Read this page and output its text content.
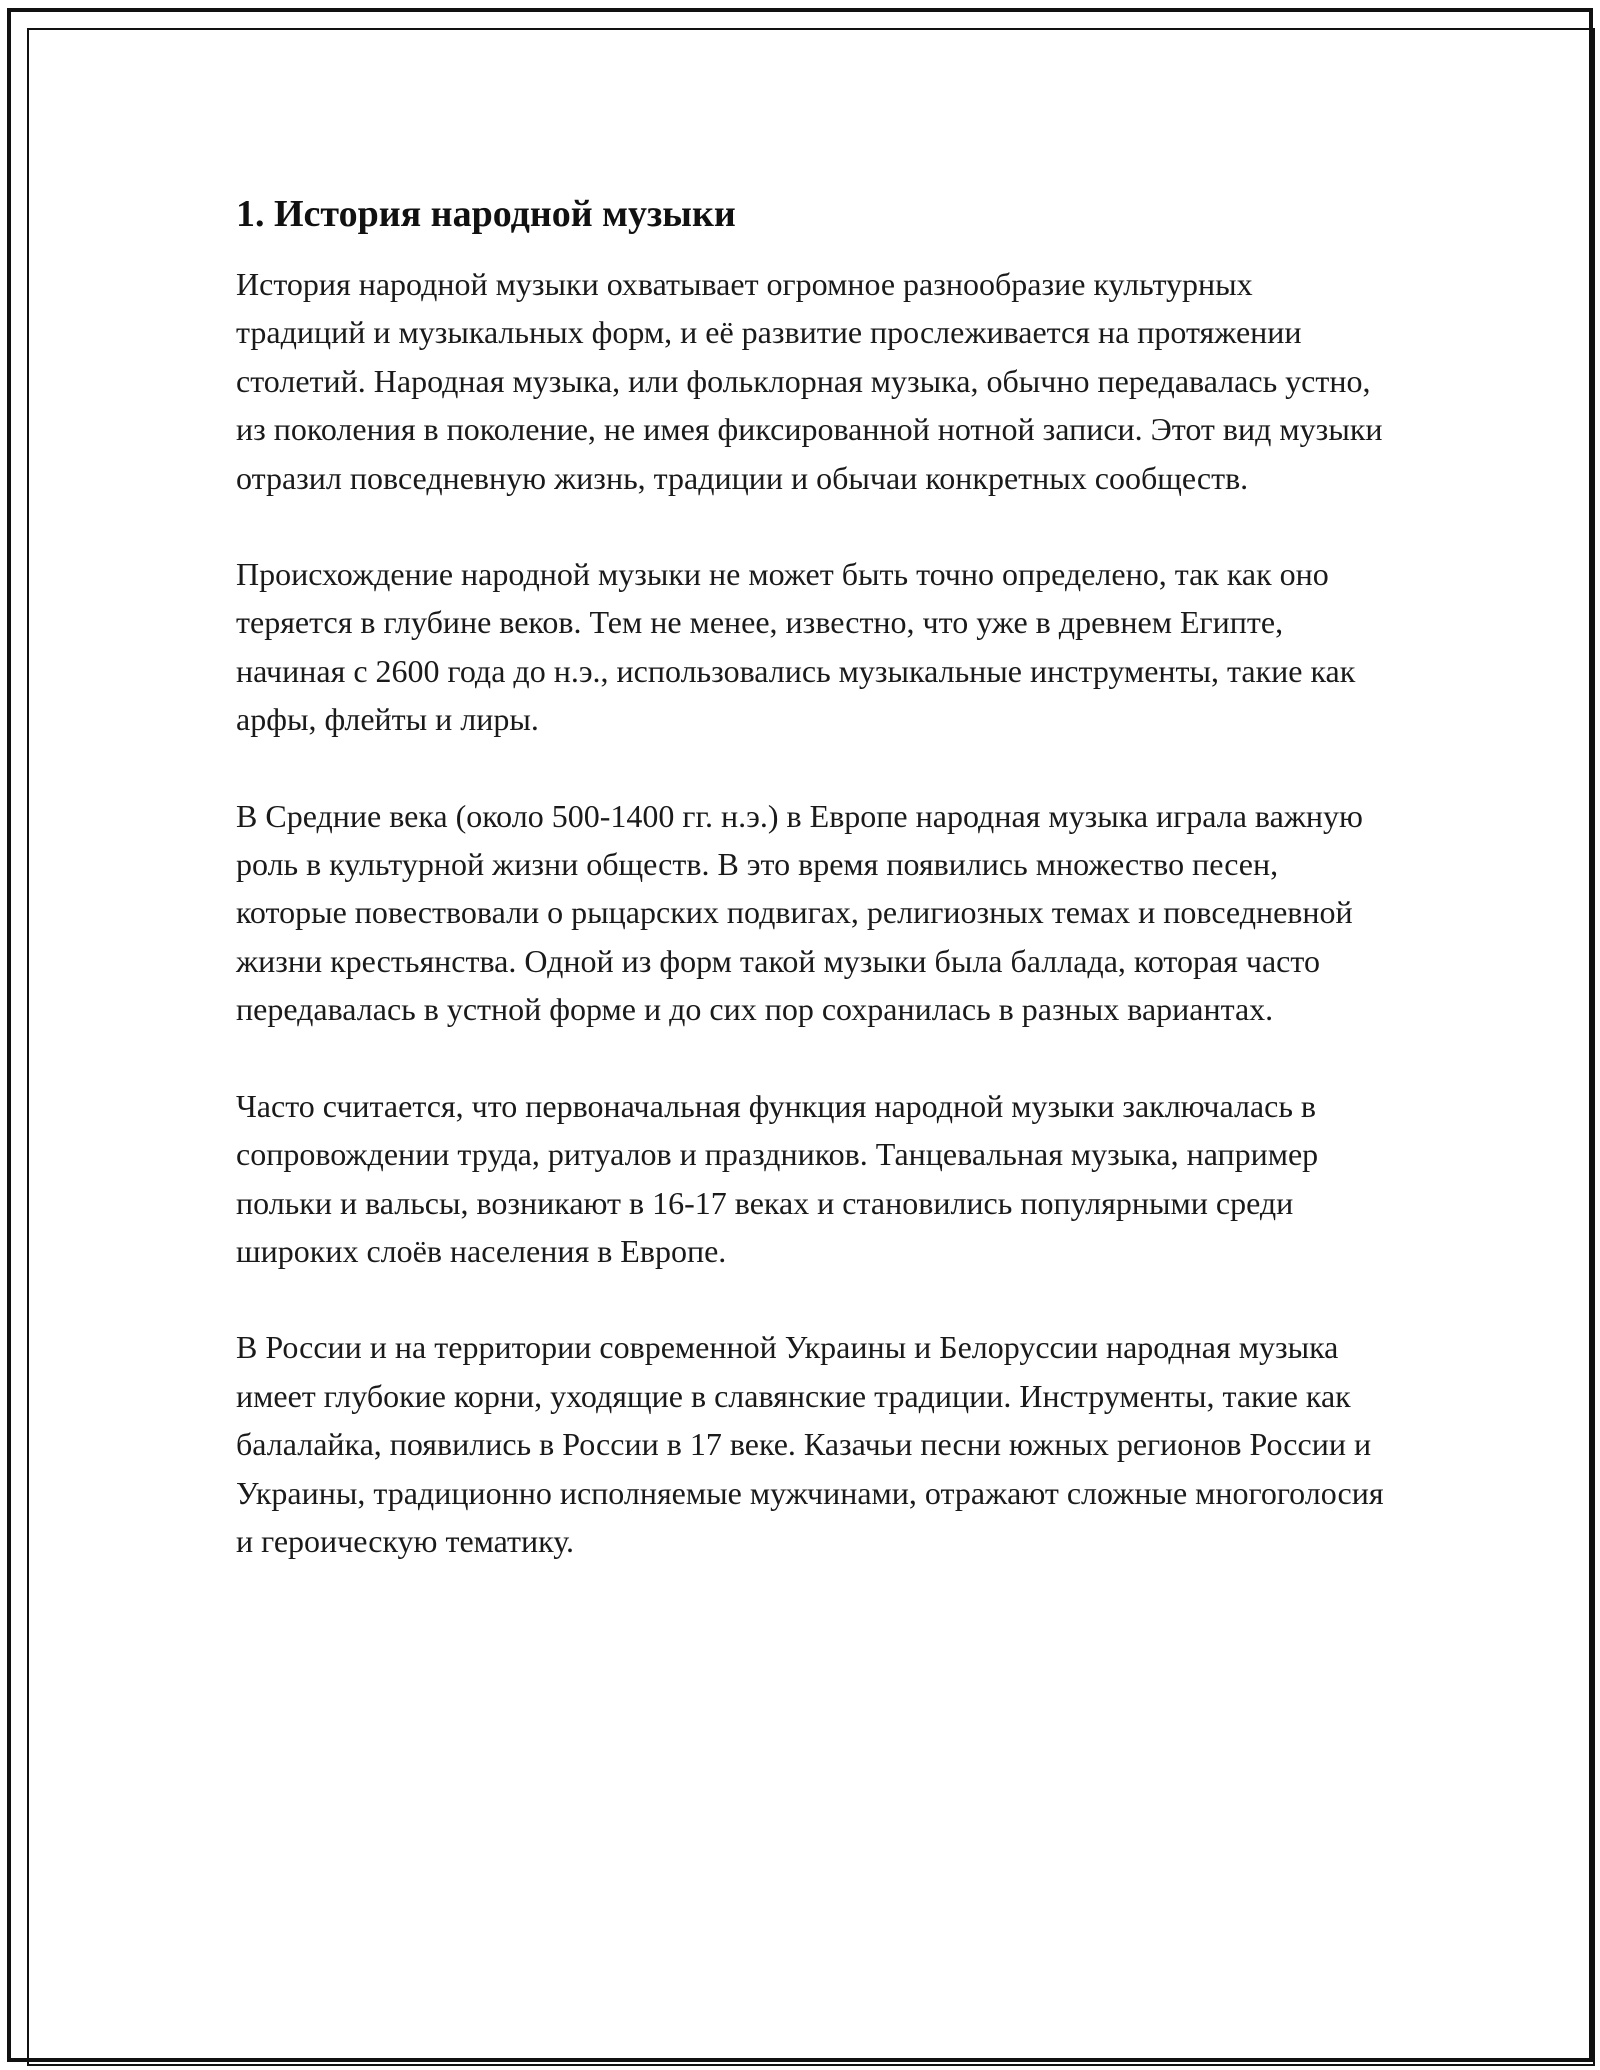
1. История народной музыки

История народной музыки охватывает огромное разнообразие культурных традиций и музыкальных форм, и её развитие прослеживается на протяжении столетий. Народная музыка, или фольклорная музыка, обычно передавалась устно, из поколения в поколение, не имея фиксированной нотной записи. Этот вид музыки отразил повседневную жизнь, традиции и обычаи конкретных сообществ.

Происхождение народной музыки не может быть точно определено, так как оно теряется в глубине веков. Тем не менее, известно, что уже в древнем Египте, начиная с 2600 года до н.э., использовались музыкальные инструменты, такие как арфы, флейты и лиры.

В Средние века (около 500-1400 гг. н.э.) в Европе народная музыка играла важную роль в культурной жизни обществ. В это время появились множество песен, которые повествовали о рыцарских подвигах, религиозных темах и повседневной жизни крестьянства. Одной из форм такой музыки была баллада, которая часто передавалась в устной форме и до сих пор сохранилась в разных вариантах.

Часто считается, что первоначальная функция народной музыки заключалась в сопровождении труда, ритуалов и праздников. Танцевальная музыка, например польки и вальсы, возникают в 16-17 веках и становились популярными среди широких слоёв населения в Европе.

В России и на территории современной Украины и Белоруссии народная музыка имеет глубокие корни, уходящие в славянские традиции. Инструменты, такие как балалайка, появились в России в 17 веке. Казачьи песни южных регионов России и Украины, традиционно исполняемые мужчинами, отражают сложные многоголосия и героическую тематику.
